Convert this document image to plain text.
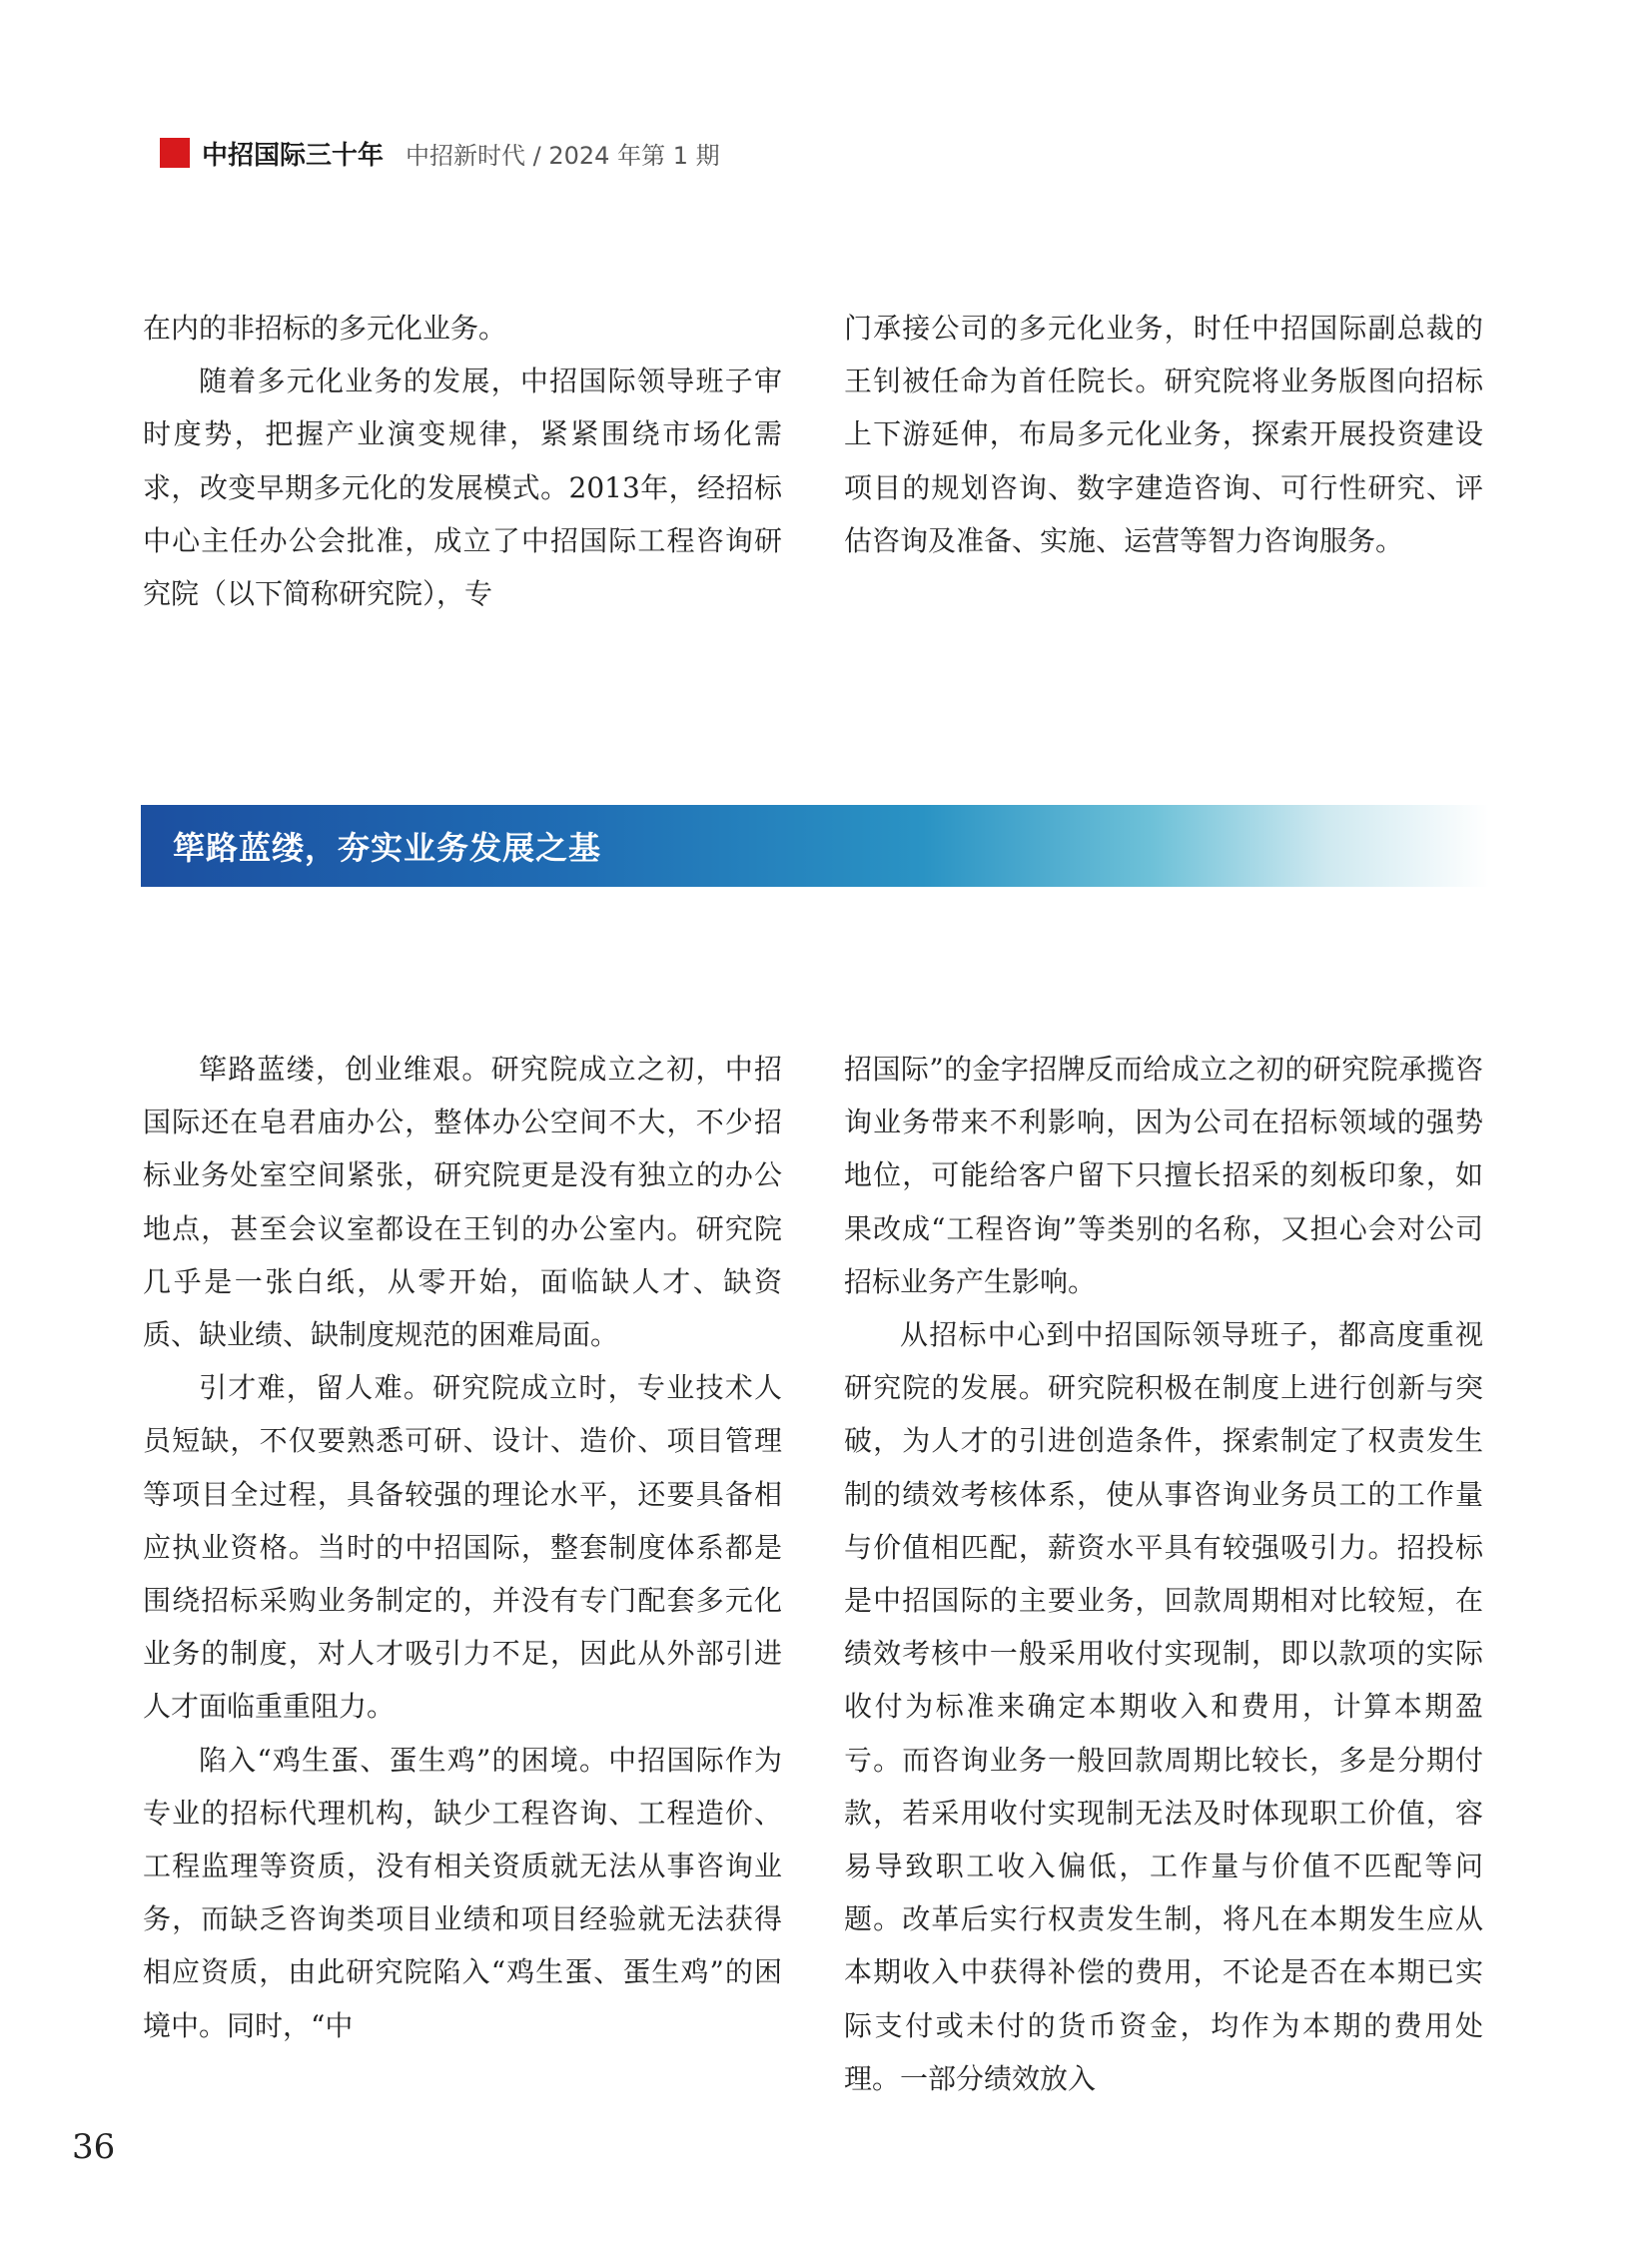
中招国际三十年 中招新时代 / 2024 年第 1 期

在内的非招标的多元化业务。

随着多元化业务的发展，中招国际领导班子审时度势，把握产业演变规律，紧紧围绕市场化需求，改变早期多元化的发展模式。2013年，经招标中心主任办公会批准，成立了中招国际工程咨询研究院（以下简称研究院），专

门承接公司的多元化业务，时任中招国际副总裁的王钊被任命为首任院长。研究院将业务版图向招标上下游延伸，布局多元化业务，探索开展投资建设项目的规划咨询、数字建造咨询、可行性研究、评估咨询及准备、实施、运营等智力咨询服务。

筚路蓝缕，夯实业务发展之基

筚路蓝缕，创业维艰。研究院成立之初，中招国际还在皂君庙办公，整体办公空间不大，不少招标业务处室空间紧张，研究院更是没有独立的办公地点，甚至会议室都设在王钊的办公室内。研究院几乎是一张白纸，从零开始，面临缺人才、缺资质、缺业绩、缺制度规范的困难局面。

引才难，留人难。研究院成立时，专业技术人员短缺，不仅要熟悉可研、设计、造价、项目管理等项目全过程，具备较强的理论水平，还要具备相应执业资格。当时的中招国际，整套制度体系都是围绕招标采购业务制定的，并没有专门配套多元化业务的制度，对人才吸引力不足，因此从外部引进人才面临重重阻力。

陷入“鸡生蛋、蛋生鸡”的困境。中招国际作为专业的招标代理机构，缺少工程咨询、工程造价、工程监理等资质，没有相关资质就无法从事咨询业务，而缺乏咨询类项目业绩和项目经验就无法获得相应资质，由此研究院陷入“鸡生蛋、蛋生鸡”的困境中。同时，“中

招国际”的金字招牌反而给成立之初的研究院承揽咨询业务带来不利影响，因为公司在招标领域的强势地位，可能给客户留下只擅长招采的刻板印象，如果改成“工程咨询”等类别的名称，又担心会对公司招标业务产生影响。

从招标中心到中招国际领导班子，都高度重视研究院的发展。研究院积极在制度上进行创新与突破，为人才的引进创造条件，探索制定了权责发生制的绩效考核体系，使从事咨询业务员工的工作量与价值相匹配，薪资水平具有较强吸引力。招投标是中招国际的主要业务，回款周期相对比较短，在绩效考核中一般采用收付实现制，即以款项的实际收付为标准来确定本期收入和费用，计算本期盈亏。而咨询业务一般回款周期比较长，多是分期付款，若采用收付实现制无法及时体现职工价值，容易导致职工收入偏低，工作量与价值不匹配等问题。改革后实行权责发生制，将凡在本期发生应从本期收入中获得补偿的费用，不论是否在本期已实际支付或未付的货币资金，均作为本期的费用处理。一部分绩效放入

36
